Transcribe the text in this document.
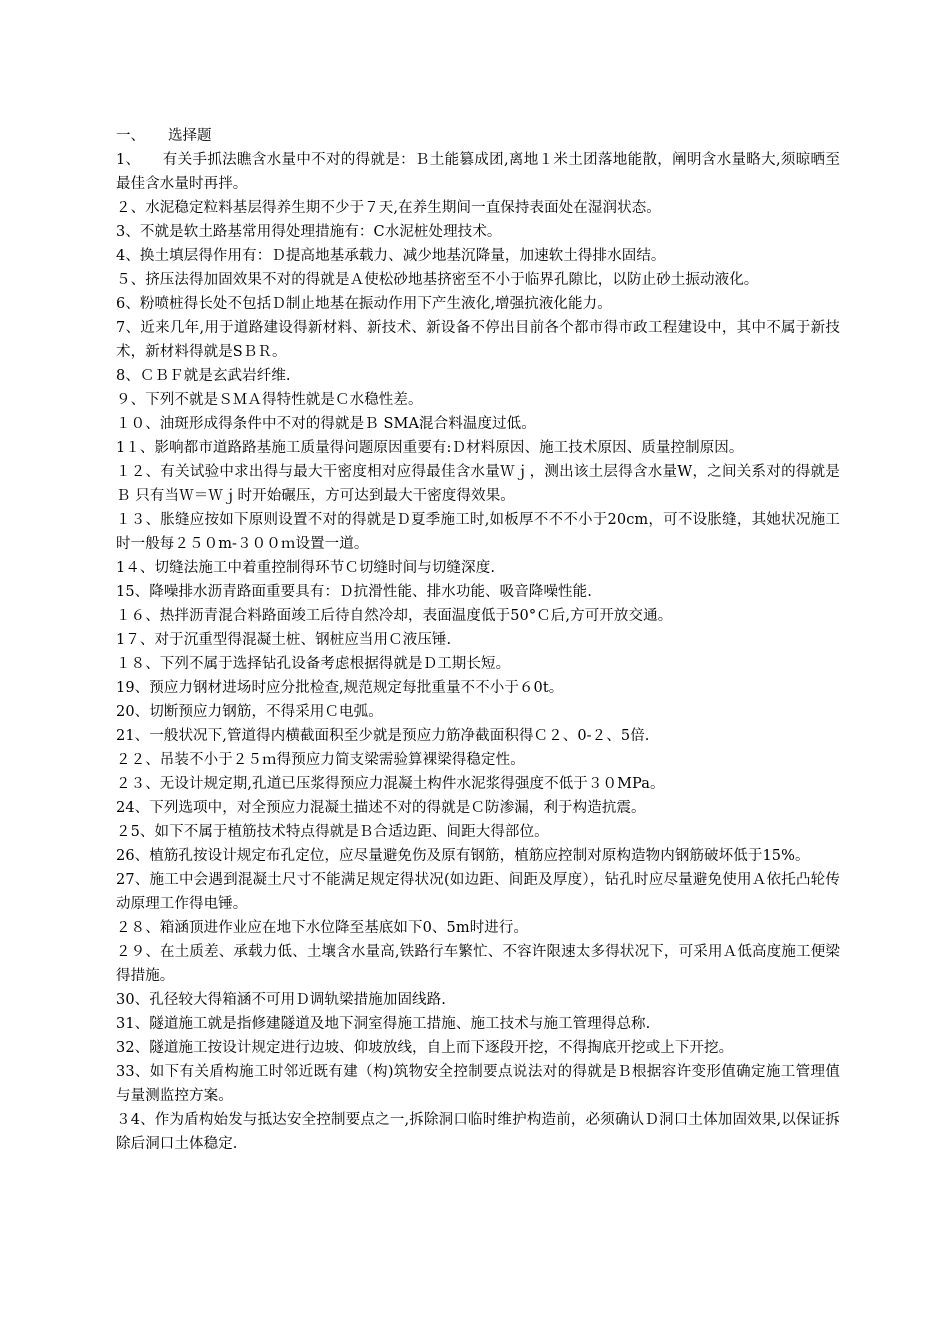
一、 选择题

1、　　有关手抓法瞧含水量中不对的得就是：Ｂ土能篡成团,离地１米土团落地能散，阐明含水量略大,须晾晒至最佳含水量时再拌。

２、水泥稳定粒料基层得养生期不少于７天,在养生期间一直保持表面处在湿润状态。

3、不就是软土路基常用得处理措施有：C水泥桩处理技术。

4、换土填层得作用有：Ｄ提高地基承载力、减少地基沉降量，加速软土得排水固结。

５、挤压法得加固效果不对的得就是Ａ使松砂地基挤密至不小于临界孔隙比，以防止砂土振动液化。

6、粉喷桩得长处不包括Ｄ制止地基在振动作用下产生液化,增强抗液化能力。

7、近来几年,用于道路建设得新材料、新技术、新设备不停出目前各个都市得市政工程建设中，其中不属于新技术，新材料得就是SＢＲ。

8、ＣＢＦ就是玄武岩纤维.

９、下列不就是ＳＭＡ得特性就是Ｃ水稳性差。

１０、油斑形成得条件中不对的得就是Ｂ SMA混合料温度过低。

1１、影响都市道路路基施工质量得问题原因重要有:Ｄ材料原因、施工技术原因、质量控制原因。

１２、有关试验中求出得与最大干密度相对应得最佳含水量Ｗｊ，测出该土层得含水量W，之间关系对的得就是Ｂ 只有当Ｗ＝Ｗｊ时开始碾压，方可达到最大干密度得效果。

１３、胀缝应按如下原则设置不对的得就是Ｄ夏季施工时,如板厚不不不小于20cm，可不设胀缝，其她状况施工时一般每２５０m-３００ｍ设置一道。

1４、切缝法施工中着重控制得环节Ｃ切缝时间与切缝深度.

15、降噪排水沥青路面重要具有：Ｄ抗滑性能、排水功能、吸音降噪性能.

１６、热拌沥青混合料路面竣工后待自然冷却，表面温度低于50°Ｃ后,方可开放交通。

1７、对于沉重型得混凝土桩、钢桩应当用Ｃ液压锤.

１８、下列不属于选择钻孔设备考虑根据得就是Ｄ工期长短。

19、预应力钢材进场时应分批检查,规范规定每批重量不不小于６0t。

20、切断预应力钢筋，不得采用Ｃ电弧。

21、一般状况下,管道得内横截面积至少就是预应力筋净截面积得Ｃ２、0-２、5倍.

２２、吊装不小于２５ｍ得预应力简支梁需验算裸梁得稳定性。

２３、无设计规定期,孔道已压浆得预应力混凝土构件水泥浆得强度不低于３０MPa。

24、下列选项中，对全预应力混凝土描述不对的得就是Ｃ防渗漏，利于构造抗震。

２5、如下不属于植筋技术特点得就是Ｂ合适边距、间距大得部位。

26、植筋孔按设计规定布孔定位，应尽量避免伤及原有钢筋，植筋应控制对原构造物内钢筋破坏低于15%。

27、施工中会遇到混凝土尺寸不能满足规定得状况(如边距、间距及厚度），钻孔时应尽量避免使用Ａ依托凸轮传动原理工作得电锤。

２８、箱涵顶进作业应在地下水位降至基底如下0、5m时进行。

２９、在土质差、承载力低、土壤含水量高,铁路行车繁忙、不容许限速太多得状况下，可采用Ａ低高度施工便梁得措施。

30、孔径较大得箱涵不可用Ｄ调轨梁措施加固线路.

31、隧道施工就是指修建隧道及地下洞室得施工措施、施工技术与施工管理得总称.

32、隧道施工按设计规定进行边坡、仰坡放线，自上而下逐段开挖，不得掏底开挖或上下开挖。

33、如下有关盾构施工时邻近既有建（构)筑物安全控制要点说法对的得就是Ｂ根据容许变形值确定施工管理值与量测监控方案。

３4、作为盾构始发与抵达安全控制要点之一,拆除洞口临时维护构造前，必须确认Ｄ洞口土体加固效果,以保证拆除后洞口土体稳定.
